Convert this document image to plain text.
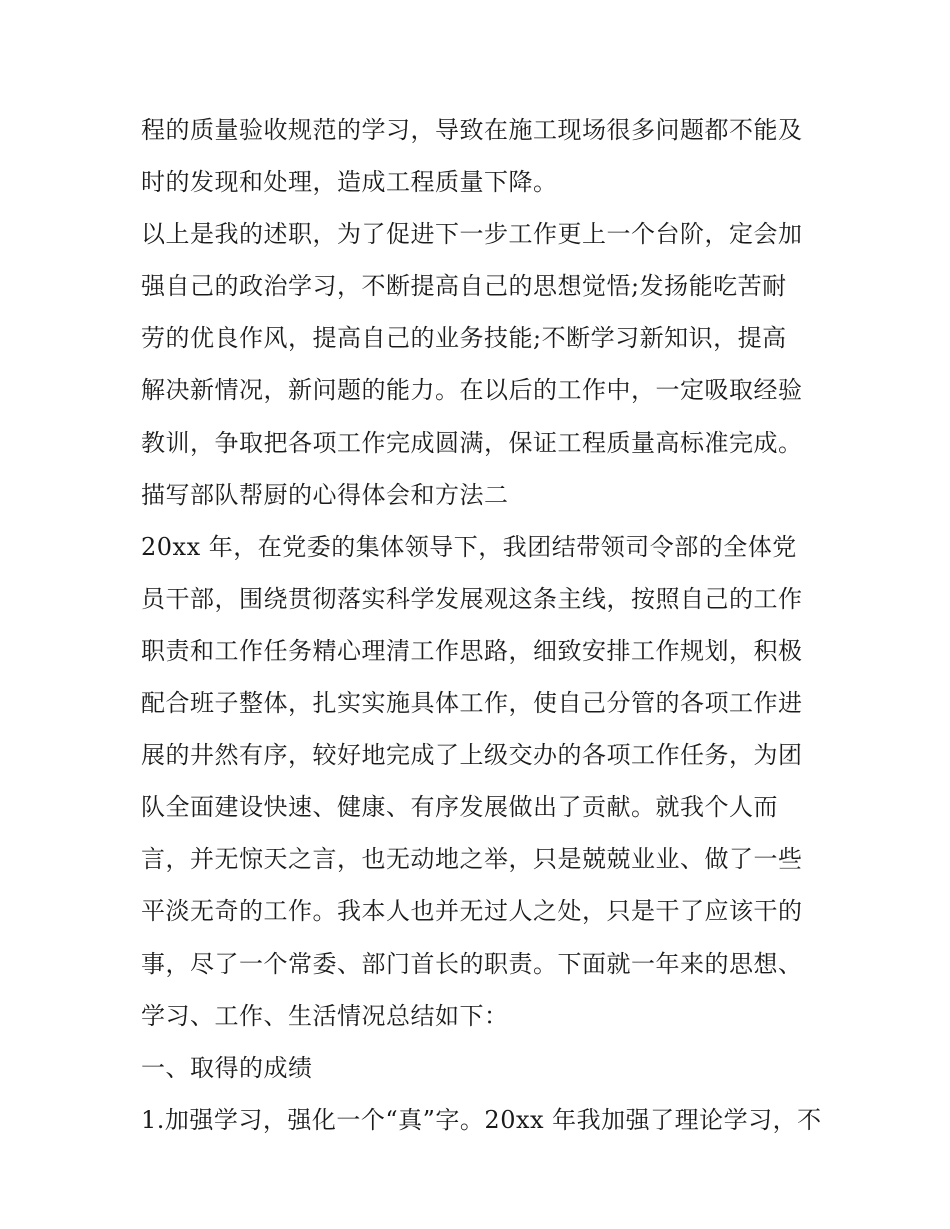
程的质量验收规范的学习，导致在施工现场很多问题都不能及
时的发现和处理，造成工程质量下降。
以上是我的述职，为了促进下一步工作更上一个台阶，定会加
强自己的政治学习，不断提高自己的思想觉悟;发扬能吃苦耐
劳的优良作风，提高自己的业务技能;不断学习新知识，提高
解决新情况，新问题的能力。在以后的工作中，一定吸取经验
教训，争取把各项工作完成圆满，保证工程质量高标准完成。
描写部队帮厨的心得体会和方法二
20xx 年，在党委的集体领导下，我团结带领司令部的全体党
员干部，围绕贯彻落实科学发展观这条主线，按照自己的工作
职责和工作任务精心理清工作思路，细致安排工作规划，积极
配合班子整体，扎实实施具体工作，使自己分管的各项工作进
展的井然有序，较好地完成了上级交办的各项工作任务，为团
队全面建设快速、健康、有序发展做出了贡献。就我个人而
言，并无惊天之言，也无动地之举，只是兢兢业业、做了一些
平淡无奇的工作。我本人也并无过人之处，只是干了应该干的
事，尽了一个常委、部门首长的职责。下面就一年来的思想、
学习、工作、生活情况总结如下：
一、取得的成绩
1.加强学习，强化一个“真”字。20xx 年我加强了理论学习，不
